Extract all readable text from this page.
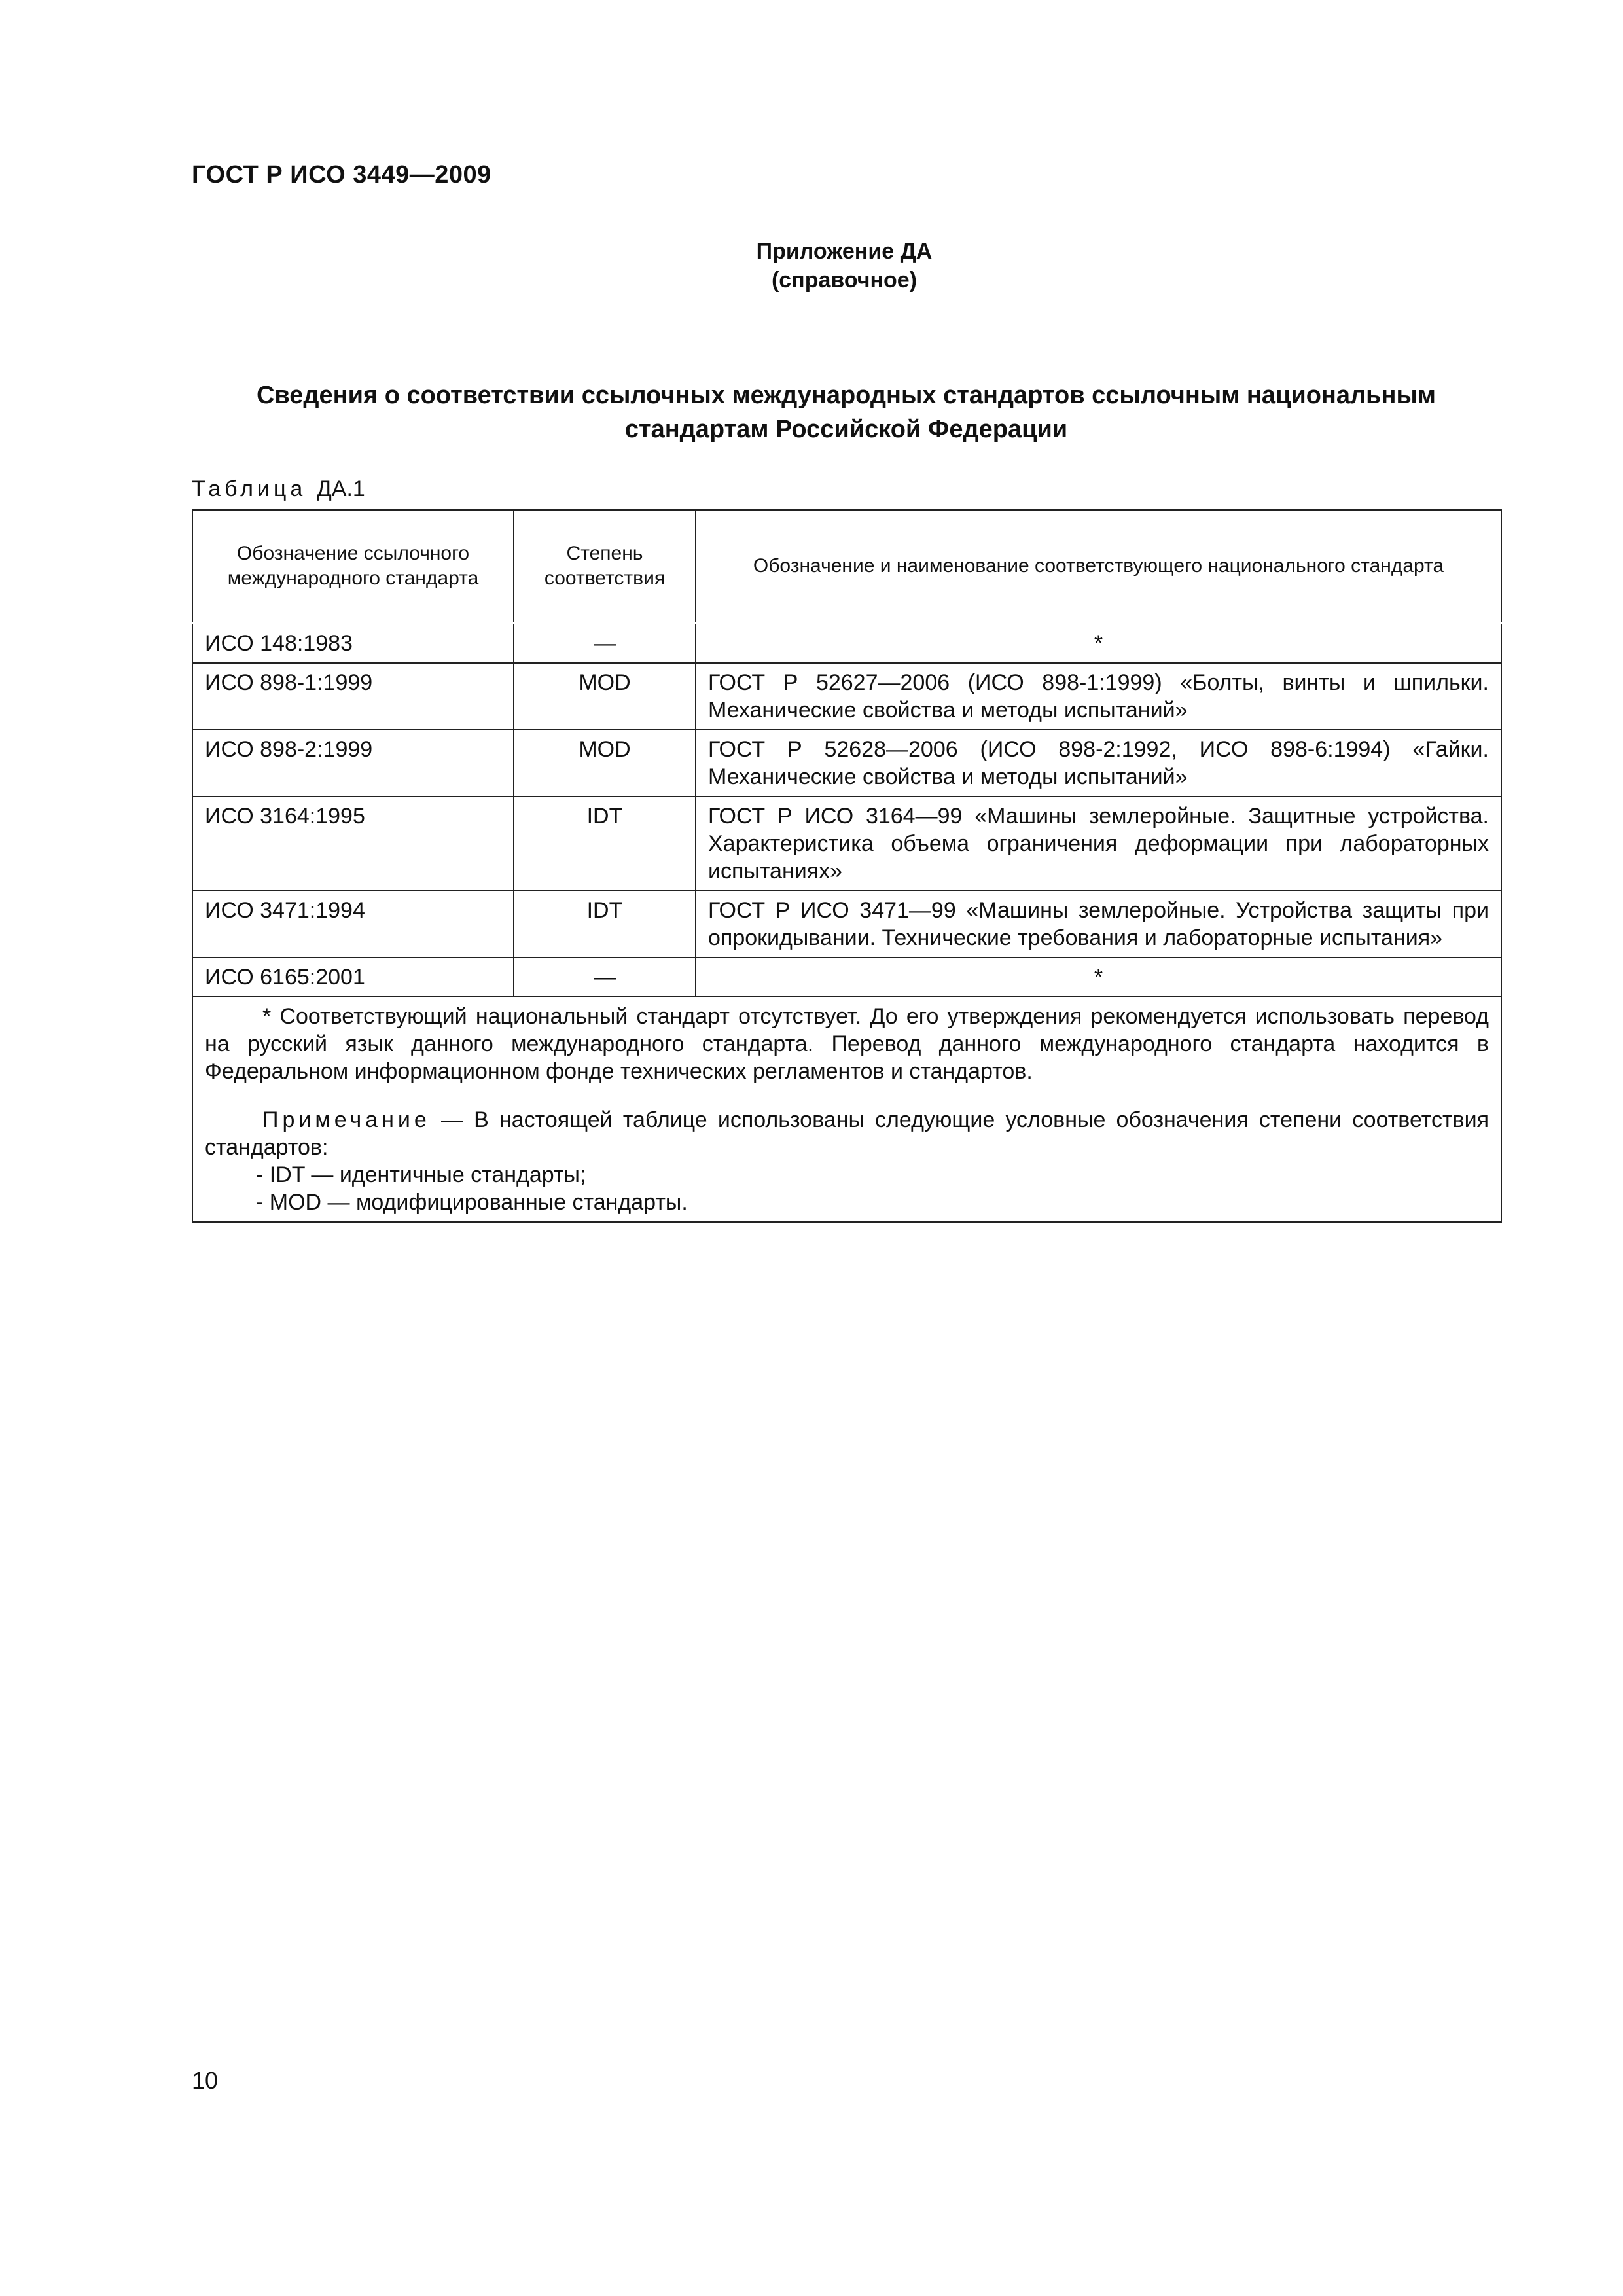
ГОСТ Р ИСО 3449—2009
Приложение ДА
(справочное)
Сведения о соответствии ссылочных международных стандартов ссылочным национальным стандартам Российской Федерации
Таблица ДА.1
Обозначение ссылочного международного стандарта	Степень соответствия	Обозначение и наименование соответствующего национального стандарта
ИСО 148:1983	—	*
ИСО 898-1:1999	MOD	ГОСТ Р 52627—2006 (ИСО 898-1:1999) «Болты, винты и шпильки. Механические свойства и методы испытаний»
ИСО 898-2:1999	MOD	ГОСТ Р 52628—2006 (ИСО 898-2:1992, ИСО 898-6:1994) «Гайки. Механические свойства и методы испытаний»
ИСО 3164:1995	IDT	ГОСТ Р ИСО 3164—99 «Машины землеройные. Защитные устройства. Характеристика объема ограничения деформации при лабораторных испытаниях»
ИСО 3471:1994	IDT	ГОСТ Р ИСО 3471—99 «Машины землеройные. Устройства защиты при опрокидывании. Технические требования и лабораторные испытания»
ИСО 6165:2001	—	*

* Соответствующий национальный стандарт отсутствует. До его утверждения рекомендуется использовать перевод на русский язык данного международного стандарта. Перевод данного международного стандарта находится в Федеральном информационном фонде технических регламентов и стандартов.

Примечание — В настоящей таблице использованы следующие условные обозначения степени соответствия стандартов:

- IDT — идентичные стандарты;

- MOD — модифицированные стандарты.		

10
